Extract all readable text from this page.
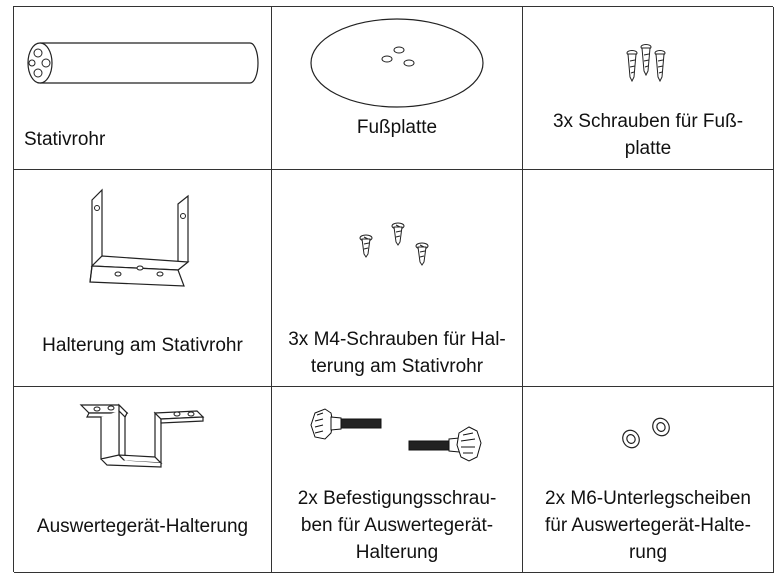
Stativrohr
Fußplatte	3x Schrauben für Fuß-
platte
Halterung am Stativrohr	3x M4-Schrauben für Hal-
terung am Stativrohr
Auswertegerät-Halterung
2x Befestigungsschrau-
ben für Auswertegerät-
Halterung
2x M6-Unterlegscheiben
für Auswertegerät-Halte-
rung
